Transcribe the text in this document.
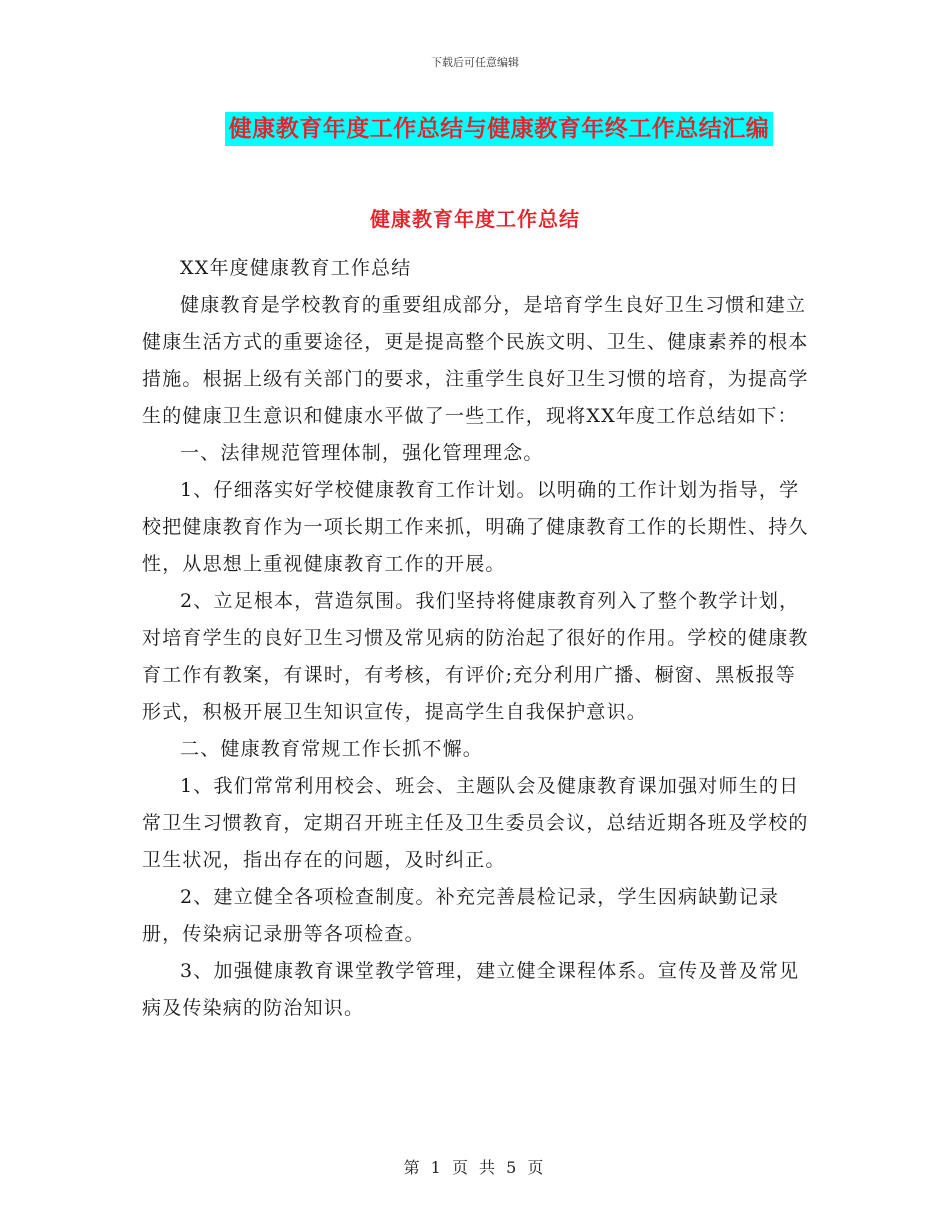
下载后可任意编辑
健康教育年度工作总结与健康教育年终工作总结汇编
健康教育年度工作总结

XX年度健康教育工作总结

健康教育是学校教育的重要组成部分，是培育学生良好卫生习惯和建立健康生活方式的重要途径，更是提高整个民族文明、卫生、健康素养的根本措施。根据上级有关部门的要求，注重学生良好卫生习惯的培育，为提高学生的健康卫生意识和健康水平做了一些工作，现将XX年度工作总结如下：

一、法律规范管理体制，强化管理理念。

1、仔细落实好学校健康教育工作计划。以明确的工作计划为指导，学校把健康教育作为一项长期工作来抓，明确了健康教育工作的长期性、持久性，从思想上重视健康教育工作的开展。

2、立足根本，营造氛围。我们坚持将健康教育列入了整个教学计划，对培育学生的良好卫生习惯及常见病的防治起了很好的作用。学校的健康教育工作有教案，有课时，有考核，有评价;充分利用广播、橱窗、黑板报等形式，积极开展卫生知识宣传，提高学生自我保护意识。

二、健康教育常规工作长抓不懈。

1、我们常常利用校会、班会、主题队会及健康教育课加强对师生的日常卫生习惯教育，定期召开班主任及卫生委员会议，总结近期各班及学校的卫生状况，指出存在的问题，及时纠正。

2、建立健全各项检查制度。补充完善晨检记录，学生因病缺勤记录册，传染病记录册等各项检查。

3、加强健康教育课堂教学管理，建立健全课程体系。宣传及普及常见病及传染病的防治知识。

第 1 页 共 5 页
